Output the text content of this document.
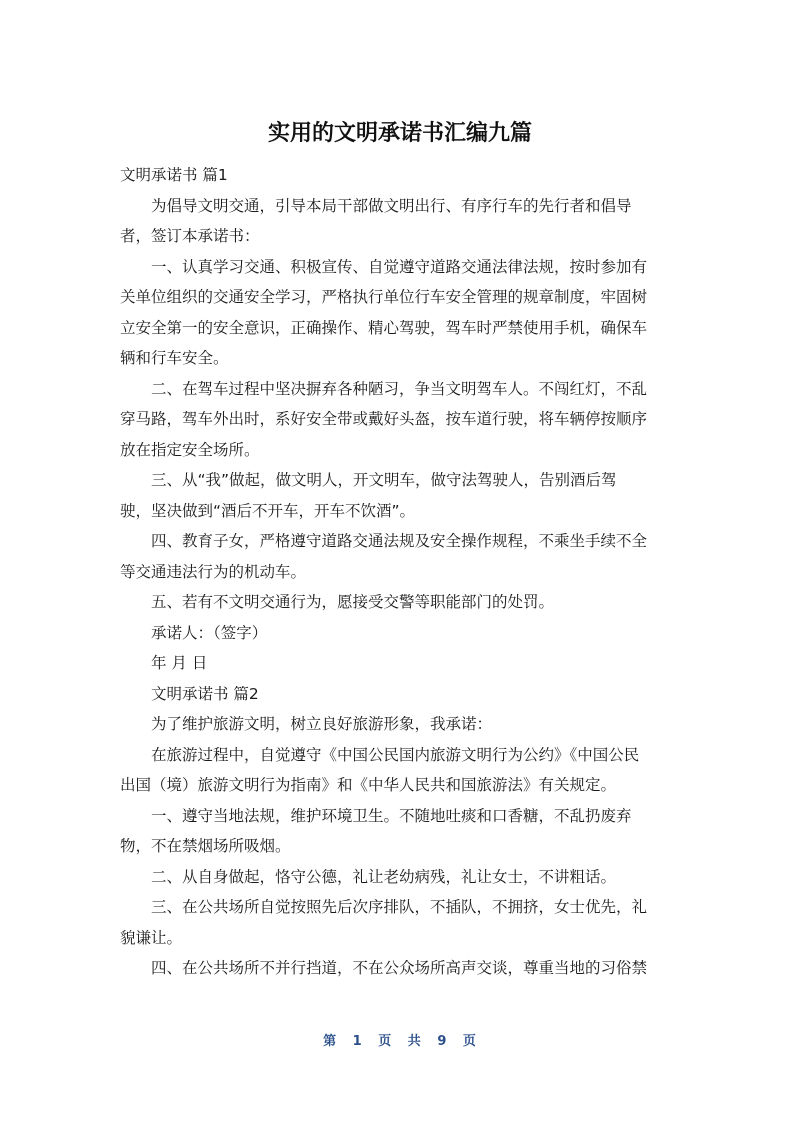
实用的文明承诺书汇编九篇

文明承诺书 篇1

为倡导文明交通，引导本局干部做文明出行、有序行车的先行者和倡导

者，签订本承诺书：

一、认真学习交通、积极宣传、自觉遵守道路交通法律法规，按时参加有

关单位组织的交通安全学习，严格执行单位行车安全管理的规章制度，牢固树

立安全第一的安全意识，正确操作、精心驾驶，驾车时严禁使用手机，确保车

辆和行车安全。

二、在驾车过程中坚决摒弃各种陋习，争当文明驾车人。不闯红灯，不乱

穿马路，驾车外出时，系好安全带或戴好头盔，按车道行驶，将车辆停按顺序

放在指定安全场所。

三、从“我”做起，做文明人，开文明车，做守法驾驶人，告别酒后驾

驶，坚决做到“酒后不开车，开车不饮酒”。

四、教育子女，严格遵守道路交通法规及安全操作规程，不乘坐手续不全

等交通违法行为的机动车。

五、若有不文明交通行为，愿接受交警等职能部门的处罚。

承诺人：（签字）

年 月 日

文明承诺书 篇2

为了维护旅游文明，树立良好旅游形象，我承诺：

在旅游过程中，自觉遵守《中国公民国内旅游文明行为公约》《中国公民

出国（境）旅游文明行为指南》和《中华人民共和国旅游法》有关规定。

一、遵守当地法规，维护环境卫生。不随地吐痰和口香糖，不乱扔废弃

物，不在禁烟场所吸烟。

二、从自身做起，恪守公德，礼让老幼病残，礼让女士，不讲粗话。

三、在公共场所自觉按照先后次序排队，不插队，不拥挤，女士优先，礼

貌谦让。

四、在公共场所不并行挡道，不在公众场所高声交谈，尊重当地的习俗禁

第 1 页 共 9 页
